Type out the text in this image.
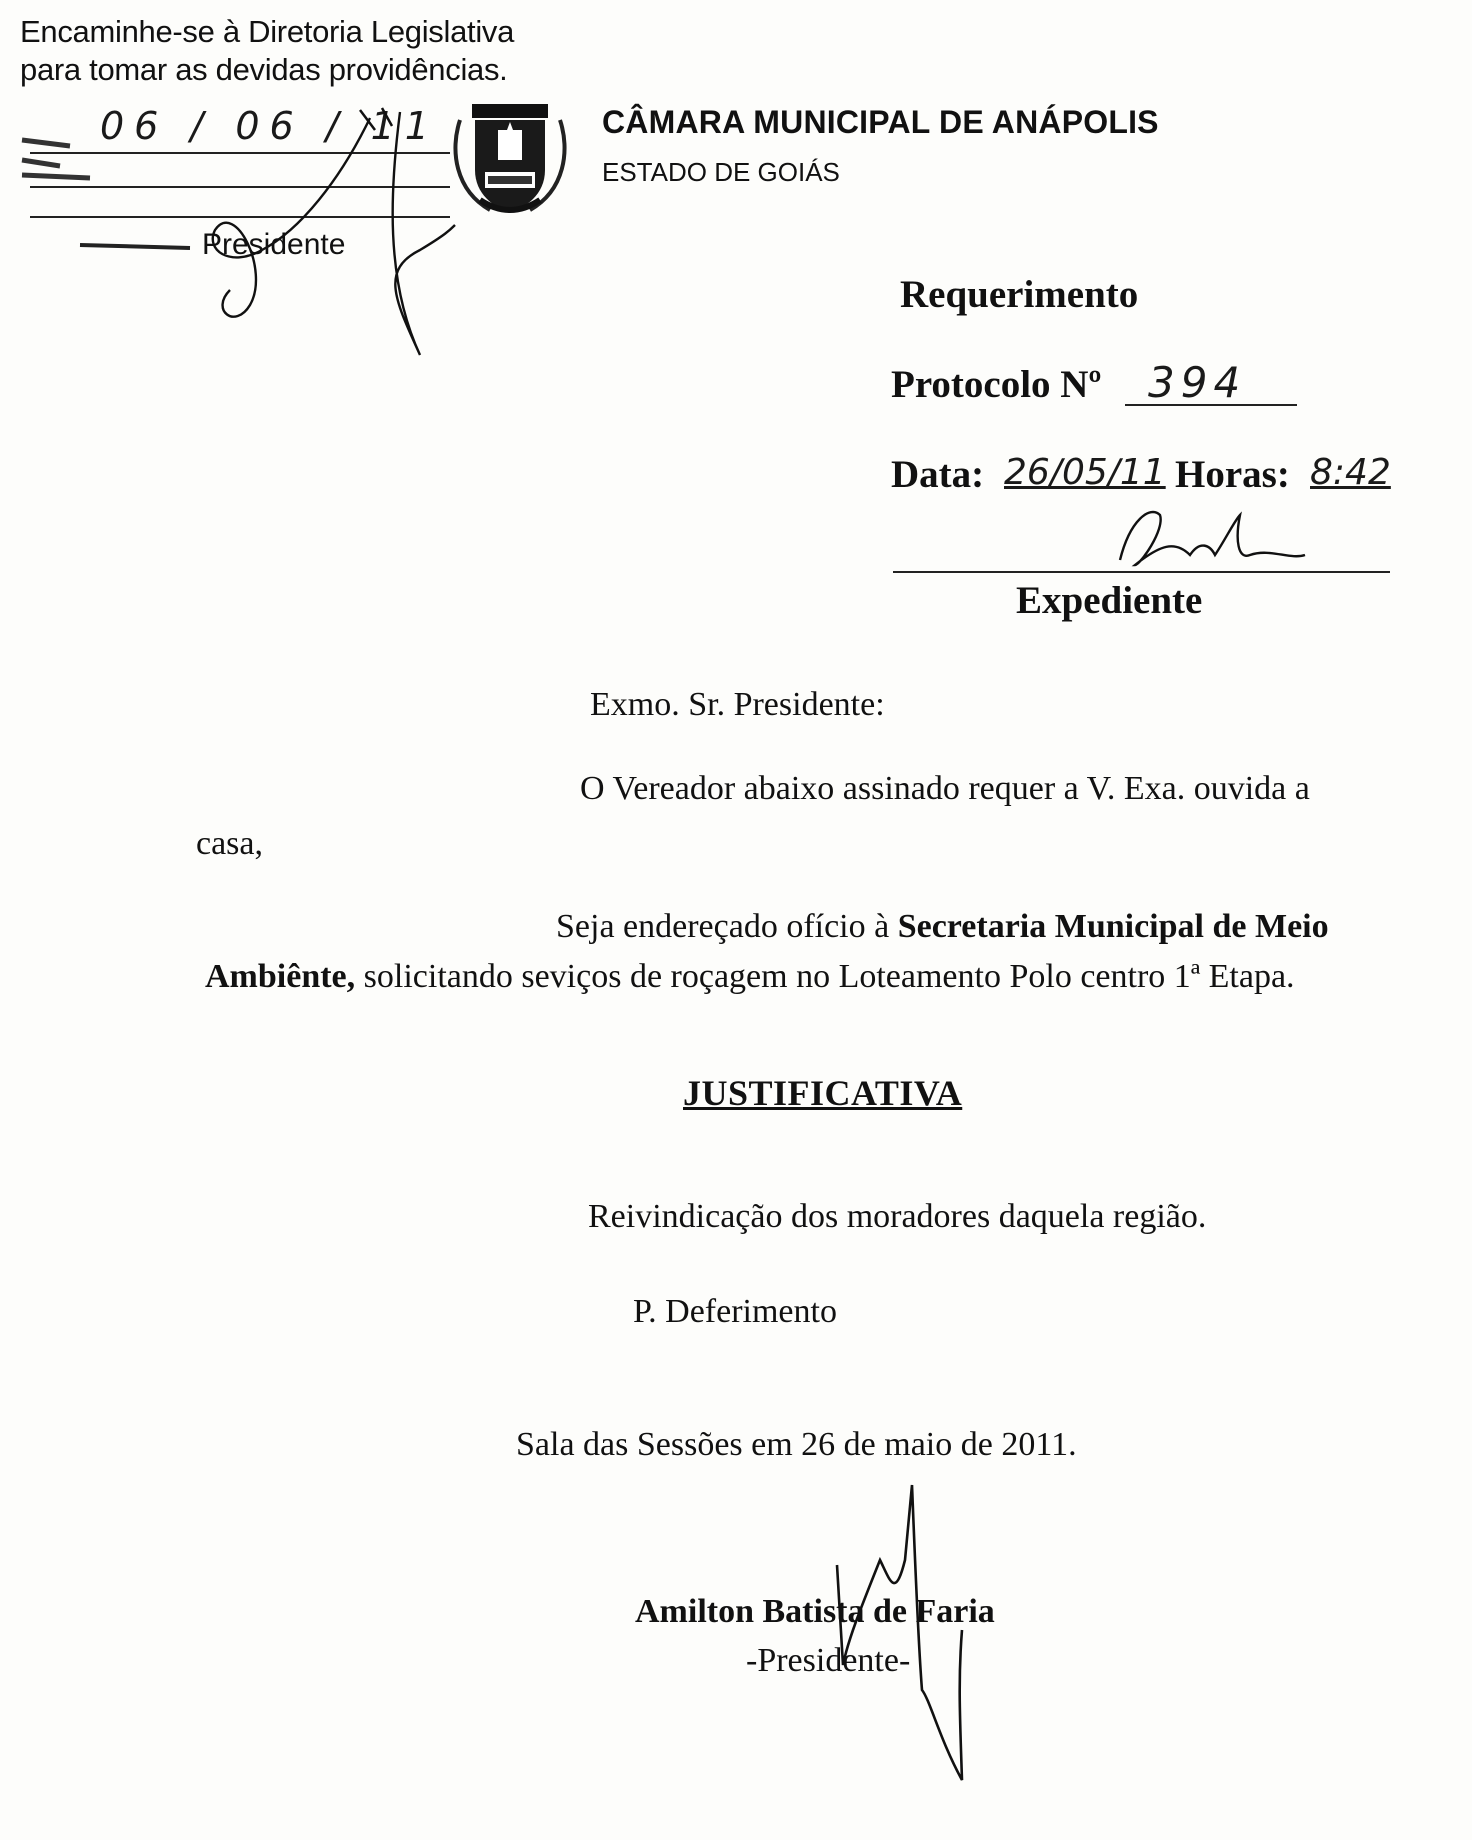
Encaminhe-se à Diretoria Legislativa
para tomar as devidas providências.
06 / 06 / 11
Presidente
CÂMARA MUNICIPAL DE ANÁPOLIS
ESTADO DE GOIÁS
Requerimento
Protocolo Nº 394
Data: 26/05/11 Horas: 8:42
Expediente
Exmo. Sr. Presidente:
O Vereador abaixo assinado requer a V. Exa. ouvida a
casa,
Seja endereçado ofício à Secretaria Municipal de Meio
Ambiênte, solicitando seviços de roçagem no Loteamento Polo centro 1ª Etapa.
JUSTIFICATIVA
Reivindicação dos moradores daquela região.
P. Deferimento
Sala das Sessões em 26 de maio de 2011.
Amilton Batista de Faria
-Presidente-
